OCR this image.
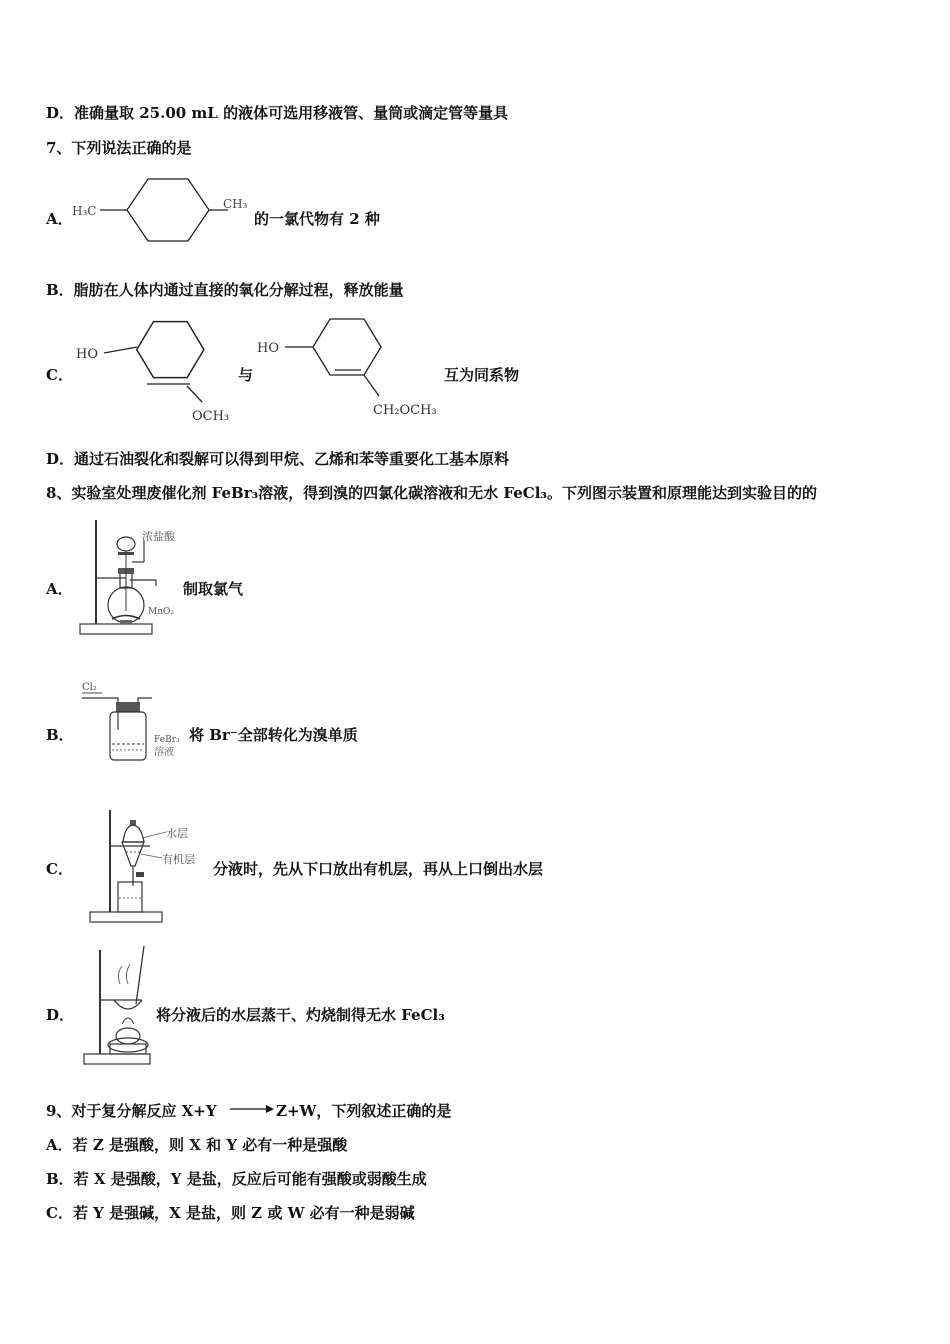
D．准确量取 25.00 mL 的液体可选用移液管、量筒或滴定管等量具
7、下列说法正确的是
A． H₃C	CH₃
的一氯代物有 2 种
B．脂肪在人体内通过直接的氧化分解过程，释放能量
C．
HO
OCH₃
与
HO
CH₂OCH₃
互为同系物
D．通过石油裂化和裂解可以得到甲烷、乙烯和苯等重要化工基本原料
8、实验室处理废催化剂 FeBr₃溶液，得到溴的四氯化碳溶液和无水 FeCl₃。下列图示装置和原理能达到实验目的的
A．
浓盐酸
MnO₂
制取氯气
B．
Cl₂
FeBr₃
溶液
将 Br⁻全部转化为溴单质
C．
水层
有机层
分液时，先从下口放出有机层，再从上口倒出水层
D．	将分液后的水层蒸干、灼烧制得无水 FeCl₃
9、对于复分解反应 X+Y	Z+W，下列叙述正确的是
A．若 Z 是强酸，则 X 和 Y 必有一种是强酸
B．若 X 是强酸，Y 是盐，反应后可能有强酸或弱酸生成
C．若 Y 是强碱，X 是盐，则 Z 或 W 必有一种是弱碱
